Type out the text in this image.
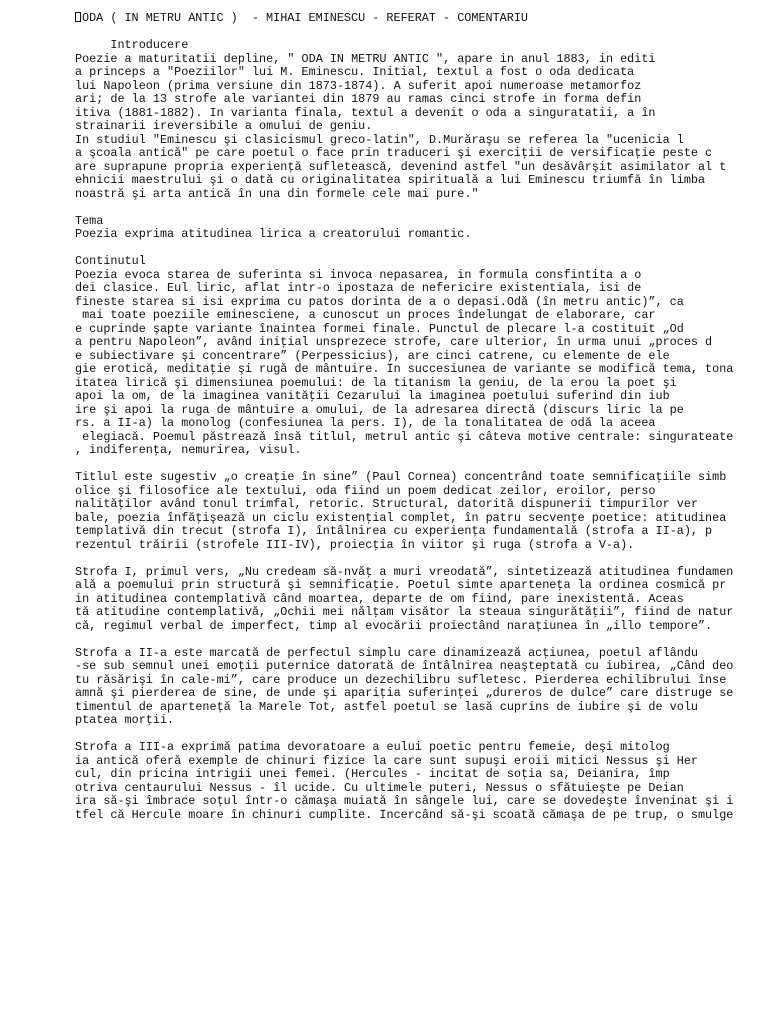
ODA ( IN METRU ANTIC )  - MIHAI EMINESCU - REFERAT - COMENTARIU
Introducere
Poezie a maturitatii depline, " ODA IN METRU ANTIC ", apare in anul 1883, in editi
a princeps a "Poeziilor" lui M. Eminescu. Initial, textul a fost o oda dedicata
lui Napoleon (prima versiune din 1873-1874). A suferit apoi numeroase metamorfoz
ari; de la 13 strofe ale variantei din 1879 au ramas cinci strofe in forma defin
itiva (1881-1882). In varianta finala, textul a devenit o oda a singuratatii, a în
strainarii ireversibile a omului de geniu.
In studiul "Eminescu şi clasicismul greco-latin", D.Murăraşu se referea la "ucenicia l
a şcoala antică" pe care poetul o face prin traduceri şi exerciţii de versificaţie peste c
are suprapune propria experienţă sufletească, devenind astfel "un desăvârşit asimilator al t
ehnicii maestrului şi o dată cu originalitatea spirituală a lui Eminescu triumfă în limba
noastră şi arta antică în una din formele cele mai pure."
Tema
Poezia exprima atitudinea lirica a creatorului romantic.
Continutul
Poezia evoca starea de suferinta si invoca nepasarea, in formula consfintita a o
dei clasice. Eul liric, aflat intr-o ipostaza de nefericire existentiala, isi de
fineste starea si isi exprima cu patos dorinta de a o depasi.Odă (în metru antic)”, ca
mai toate poeziile eminesciene, a cunoscut un proces îndelungat de elaborare, car
e cuprinde şapte variante înaintea formei finale. Punctul de plecare l-a costituit „Od
a pentru Napoleon”, având iniţial unsprezece strofe, care ulterior, în urma unui „proces d
e subiectivare şi concentrare” (Perpessicius), are cinci catrene, cu elemente de ele
gie erotică, meditaţie şi rugă de mântuire. În succesiunea de variante se modifică tema, tona
itatea lirică şi dimensiunea poemului: de la titanism la geniu, de la erou la poet şi
apoi la om, de la imaginea vanităţii Cezarului la imaginea poetului suferind din iub
ire şi apoi la ruga de mântuire a omului, de la adresarea directă (discurs liric la pe
rs. a II-a) la monolog (confesiunea la pers. I), de la tonalitatea de odă la aceea
elegiacă. Poemul păstrează însă titlul, metrul antic şi câteva motive centrale: singurateate
, indiferenţa, nemurirea, visul.
Titlul este sugestiv „o creaţie în sine” (Paul Cornea) concentrând toate semnificaţiile simb
olice şi filosofice ale textului, oda fiind un poem dedicat zeilor, eroilor, perso
nalităţilor având tonul trimfal, retoric. Structural, datorită dispunerii timpurilor ver
bale, poezia înfăţişează un ciclu existenţial complet, în patru secvenţe poetice: atitudinea
templativă din trecut (strofa I), întâlnirea cu experienţa fundamentală (strofa a II-a), p
rezentul trăirii (strofele III-IV), proiecţia în viitor şi ruga (strofa a V-a).
Strofa I, primul vers, „Nu credeam să-nvăţ a muri vreodată”, sintetizează atitudinea fundamen
ală a poemului prin structură şi semnificaţie. Poetul simte aparteneţa la ordinea cosmică pr
in atitudinea contemplativă când moartea, departe de om fiind, pare inexistentă. Aceas
tă atitudine contemplativă, „Ochii mei nălţam visător la steaua singurătăţii”, fiind de natur
că, regimul verbal de imperfect, timp al evocării proiectând naraţiunea în „illo tempore”.
Strofa a II-a este marcată de perfectul simplu care dinamizează acţiunea, poetul aflându
-se sub semnul unei emoţii puternice datorată de întâlnirea neaşteptată cu iubirea, „Când deo
tu răsărişi în cale-mi”, care produce un dezechilibru sufletesc. Pierderea echilibrului înse
amnă şi pierderea de sine, de unde şi apariţia suferinţei „dureros de dulce” care distruge se
timentul de aparteneţă la Marele Tot, astfel poetul se lasă cuprins de iubire şi de volu
ptatea morţii.
Strofa a III-a exprimă patima devoratoare a eului poetic pentru femeie, deşi mitolog
ia antică oferă exemple de chinuri fizice la care sunt supuşi eroii mitici Nessus şi Her
cul, din pricina intrigii unei femei. (Hercules - incitat de soţia sa, Deianira, împ
otriva centaurului Nessus - îl ucide. Cu ultimele puteri, Nessus o sfătuieşte pe Deian
ira să-şi îmbrace soţul într-o cămaşa muiată în sângele lui, care se dovedeşte înveninat şi i
tfel că Hercule moare în chinuri cumplite. Încercând să-şi scoată cămaşa de pe trup, o smulge
